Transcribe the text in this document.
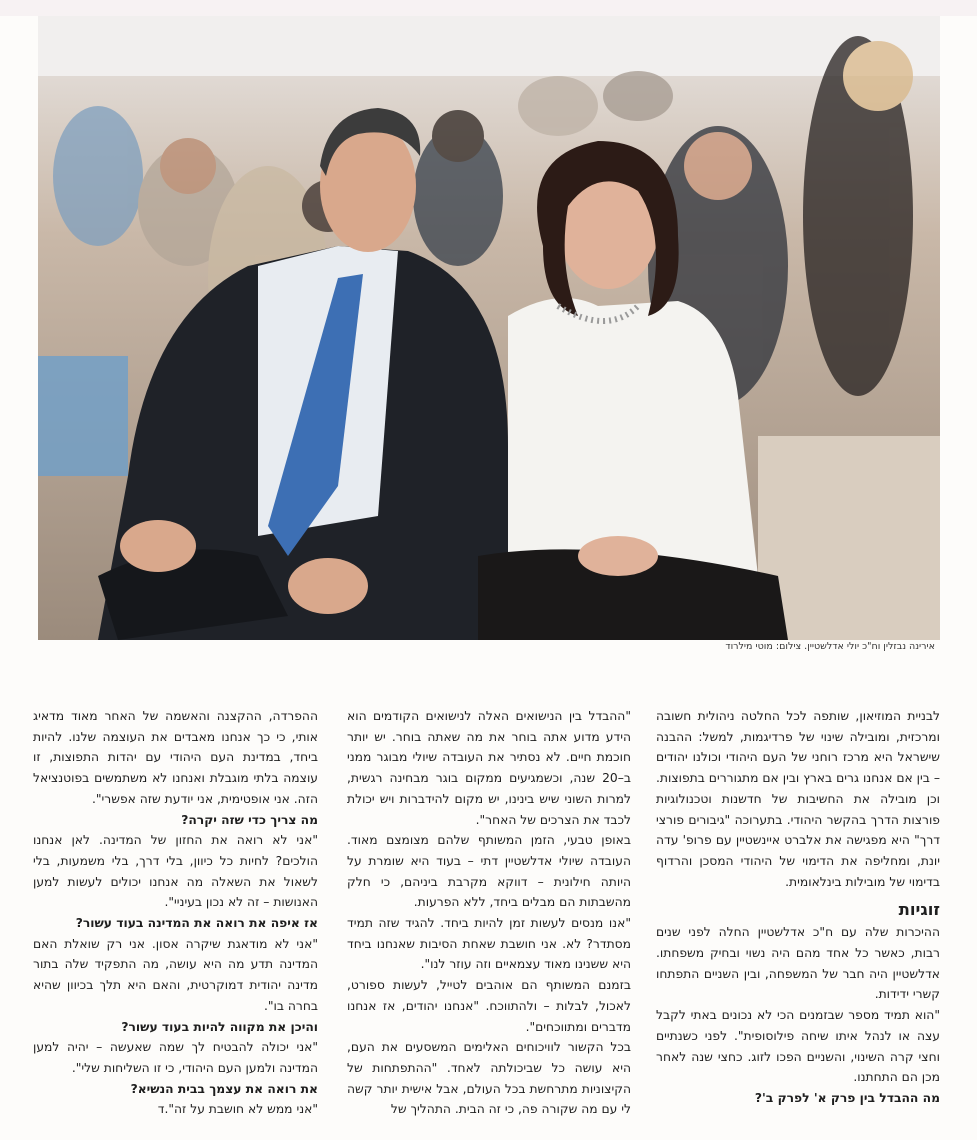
אירינה נבזלין וח"כ יולי אדלשטיין. צילום: מוטי מילרוד

לבניית המוזיאון, שותפה לכל החלטה ניהולית חשובה ומרכזית, ומובילה שינוי של פרדיגמות, למשל: ההבנה שישראל היא מרכז רוחני של העם היהודי וכולנו יהודים – בין אם אנחנו גרים בארץ ובין אם מתגוררים בתפוצות. וכן מובילה את החשיבות של חדשנות וטכנולוגיות פורצות הדרך בהקשר היהודי. בתערוכה "גיבורים פורצי דרך" היא מפגישה את אלברט איינשטיין עם פרופ' עדה יונת, ומחליפה את הדימוי של היהודי המסכן והרדוף בדימוי של מובילות בינלאומית.

זוגיות

ההיכרות שלה עם ח"כ אדלשטיין החלה לפני שנים רבות, כאשר כל אחד מהם היה נשוי ובחיק משפחתו. אדלשטיין היה חבר של המשפחה, ובין השניים התפתחו קשרי ידידות.

"הוא תמיד מספר שבזמנים הכי לא נכונים באתי לקבל עצה או לנהל איתו שיחה פילוסופית". לפני כשנתיים וחצי קרה השינוי, והשניים הפכו לזוג. כחצי שנה לאחר מכן הם התחתנו.

מה ההבדל בין פרק א' לפרק ב'?

"ההבדל בין הנישואים האלה לנישואים הקודמים הוא הידע מדוע אתה בוחר את מה שאתה בוחר. יש יותר חוכמת חיים. לא נסתיר את העובדה שיולי מבוגר ממני ב–20 שנה, וכשמגיעים ממקום בוגר מבחינה רגשית, למרות השוני שיש בינינו, יש מקום להידברות ויש יכולת לכבד את הצרכים של האחר".

באופן טבעי, הזמן המשותף שלהם מצומצם מאוד. העובדה שיולי אדלשטיין דתי – בעוד היא שומרת על היותה חילונית – דווקא מקרבת ביניהם, כי חלק מהשבתות הם מבלים ביחד, ללא הפרעות.

"אנו מנסים לעשות זמן להיות ביחד. להגיד שזה תמיד מסתדר? לא. אני חושבת שאחת הסיבות שאנחנו ביחד היא ששנינו מאוד עצמאיים וזה עוזר לנו".

בזמנם המשותף הם אוהבים לטייל, לעשות ספורט, לאכול, לבלות – ולהתווכח. "אנחנו יהודים, אז אנחנו מדברים ומתווכחים".

בכל הקשור לוויכוחים האלימים המשסעים את העם, היא עושה כל שביכולתה לאחד. "ההתפתחות של הקיצוניות מתרחשת בכל העולם, אבל אישית יותר קשה לי עם מה שקורה פה, כי זה הבית. התהליך של

ההפרדה, ההקצנה והאשמה של האחר מאוד מדאיג אותי, כי כך אנחנו מאבדים את העוצמה שלנו. להיות ביחד, במדינת העם היהודי עם יהדות התפוצות, זו עוצמה בלתי מוגבלת ואנחנו לא משתמשים בפוטנציאל הזה. אני אופטימית, אני יודעת שזה אפשרי".

מה צריך כדי שזה יקרה?

"אני לא רואה את החזון של המדינה. לאן אנחנו הולכים? לחיות כל כיוון, בלי דרך, בלי משמעות, בלי לשאול את השאלה מה אנחנו יכולים לעשות למען האנושות – זה לא נכון בעיניי".

אז איפה את רואה את המדינה בעוד עשור?

"אני לא מודאגת שיקרה אסון. אני רק שואלת האם המדינה תדע מה היא עושה, מה התפקיד שלה בתור מדינה יהודית דמוקרטית, והאם היא תלך בכיוון שהיא בחרה בו".

והיכן את מקווה להיות בעוד עשור?

"אני יכולה להבטיח לך שמה שאעשה – יהיה למען המדינה ולמען העם היהודי, כי זו השליחות שלי".

את רואה את עצמך בבית הנשיא?

"אני ממש לא חושבת על זה".ד
